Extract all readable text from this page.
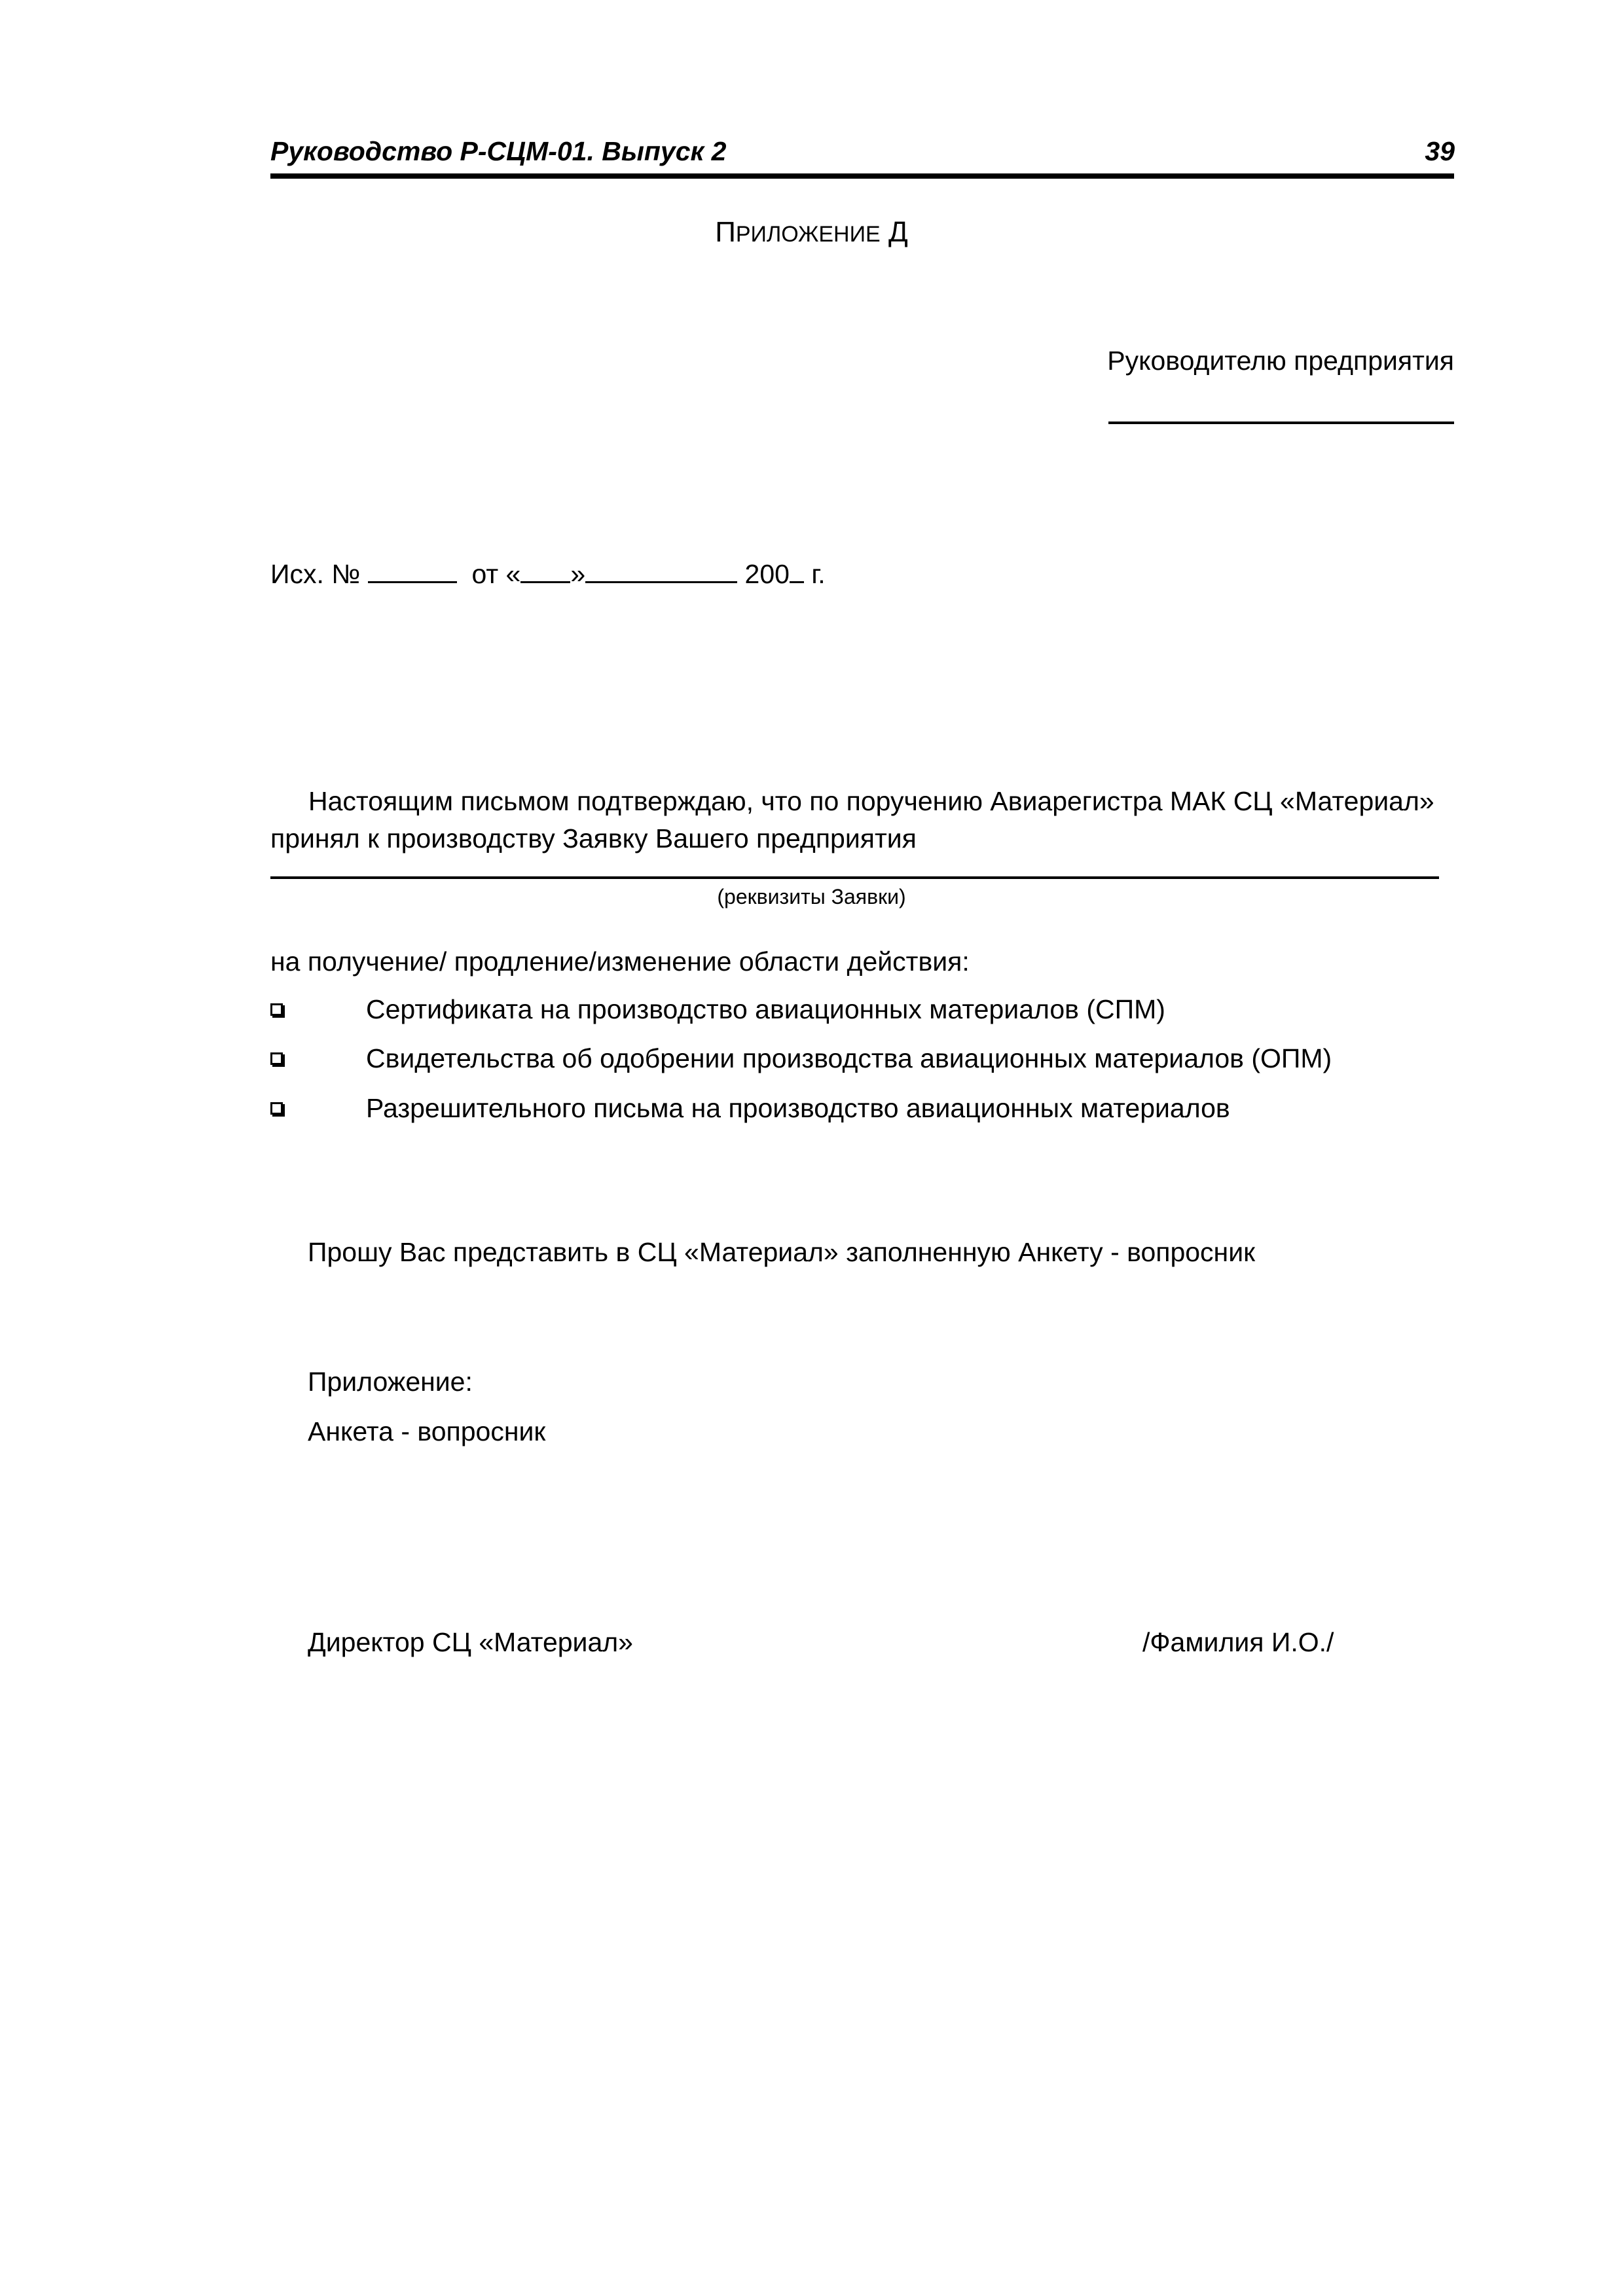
Руководство Р-СЦМ-01. Выпуск 2	39
ПРИЛОЖЕНИЕ Д
Руководителю предприятия
Исх. №	от « »	200 г.
Настоящим письмом подтверждаю, что по поручению Авиарегистра МАК СЦ «Материал» принял к производству Заявку Вашего предприятия
(реквизиты Заявки)
на получение/ продление/изменение области действия:
Сертификата на производство авиационных материалов (СПМ)
Свидетельства об одобрении производства авиационных материалов (ОПМ)
Разрешительного письма на производство авиационных материалов
Прошу Вас представить в СЦ «Материал» заполненную Анкету - вопросник
Приложение:
Анкета - вопросник
Директор СЦ «Материал»	/Фамилия И.О./
